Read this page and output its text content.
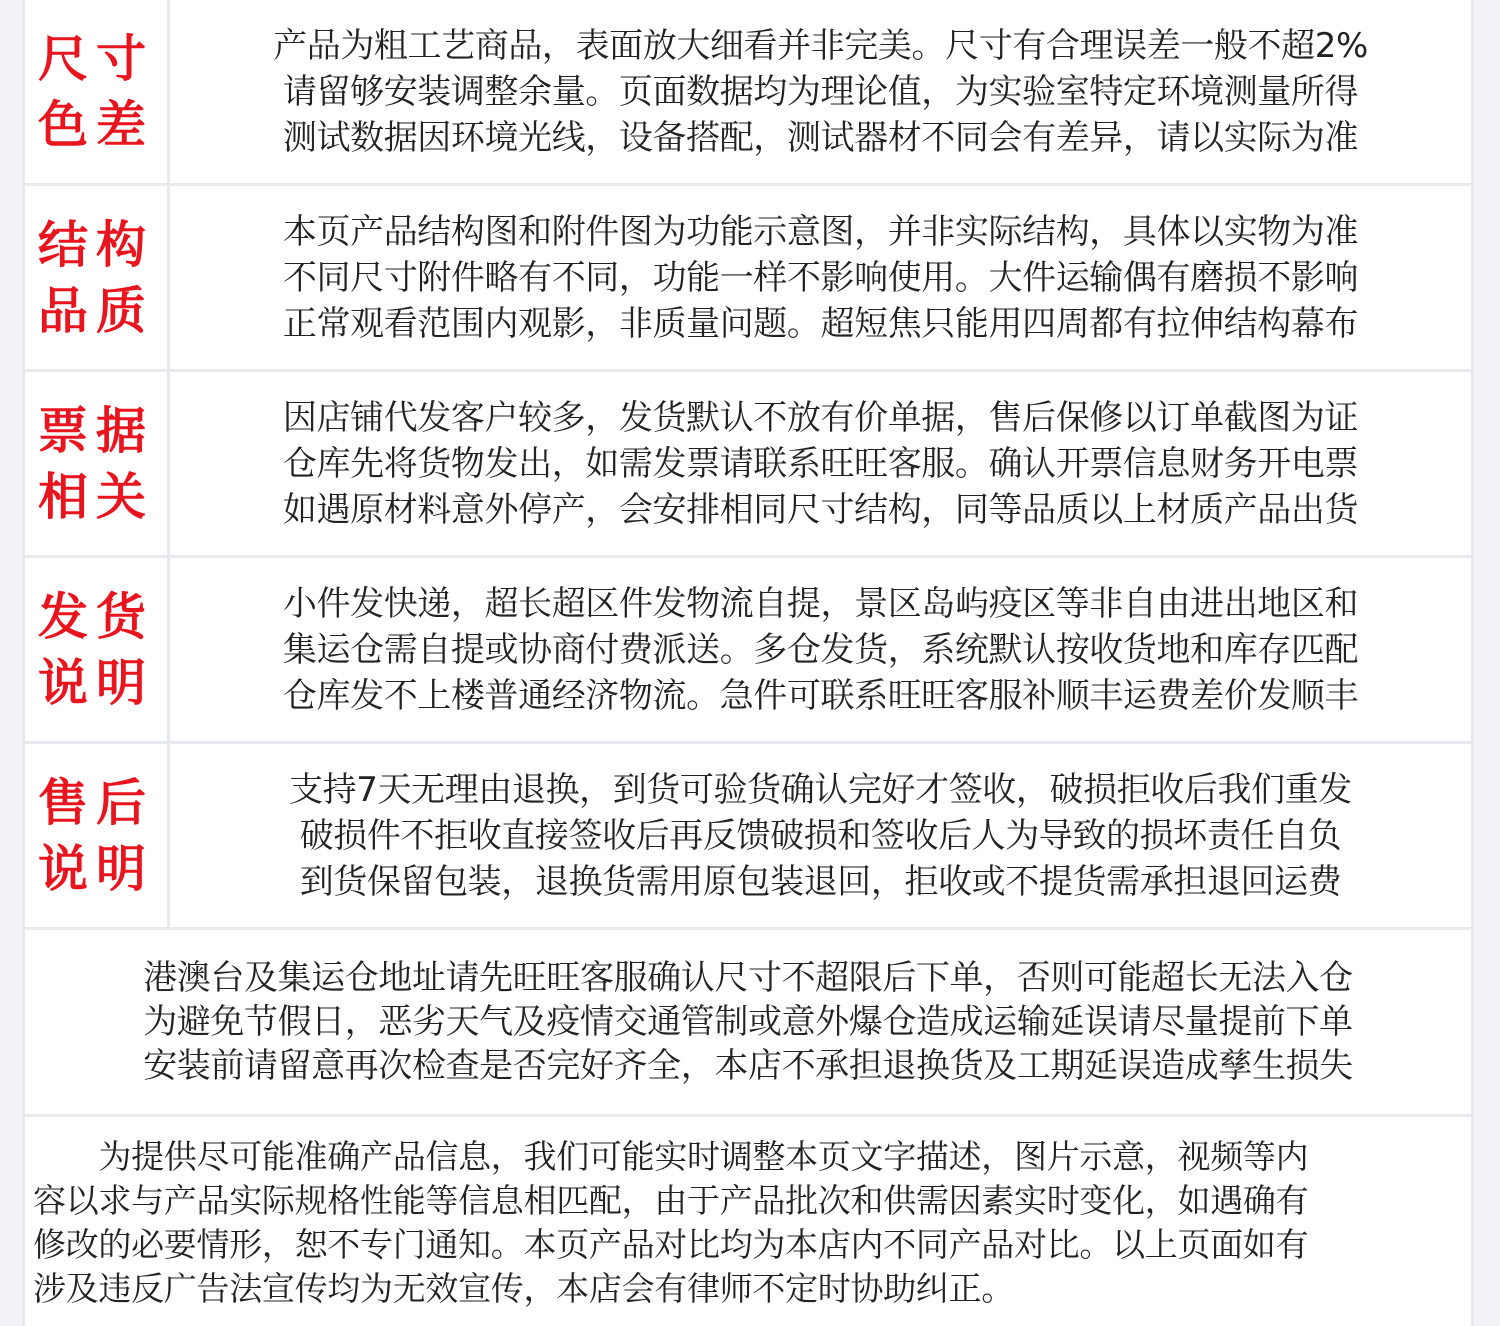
尺寸
色差
产品为粗工艺商品，表面放大细看并非完美。尺寸有合理误差一般不超2%
请留够安装调整余量。页面数据均为理论值，为实验室特定环境测量所得
测试数据因环境光线，设备搭配，测试器材不同会有差异，请以实际为准
结构
品质
本页产品结构图和附件图为功能示意图，并非实际结构，具体以实物为准
不同尺寸附件略有不同，功能一样不影响使用。大件运输偶有磨损不影响
正常观看范围内观影，非质量问题。超短焦只能用四周都有拉伸结构幕布
票据
相关
因店铺代发客户较多，发货默认不放有价单据，售后保修以订单截图为证
仓库先将货物发出，如需发票请联系旺旺客服。确认开票信息财务开电票
如遇原材料意外停产，会安排相同尺寸结构，同等品质以上材质产品出货
发货
说明
小件发快递，超长超区件发物流自提，景区岛屿疫区等非自由进出地区和
集运仓需自提或协商付费派送。多仓发货，系统默认按收货地和库存匹配
仓库发不上楼普通经济物流。急件可联系旺旺客服补顺丰运费差价发顺丰
售后
说明
支持7天无理由退换，到货可验货确认完好才签收，破损拒收后我们重发
破损件不拒收直接签收后再反馈破损和签收后人为导致的损坏责任自负
到货保留包装，退换货需用原包装退回，拒收或不提货需承担退回运费
港澳台及集运仓地址请先旺旺客服确认尺寸不超限后下单，否则可能超长无法入仓
为避免节假日，恶劣天气及疫情交通管制或意外爆仓造成运输延误请尽量提前下单
安装前请留意再次检查是否完好齐全，本店不承担退换货及工期延误造成孳生损失
　　为提供尽可能准确产品信息，我们可能实时调整本页文字描述，图片示意，视频等内
容以求与产品实际规格性能等信息相匹配，由于产品批次和供需因素实时变化，如遇确有
修改的必要情形，恕不专门通知。本页产品对比均为本店内不同产品对比。以上页面如有
涉及违反广告法宣传均为无效宣传，本店会有律师不定时协助纠正。
